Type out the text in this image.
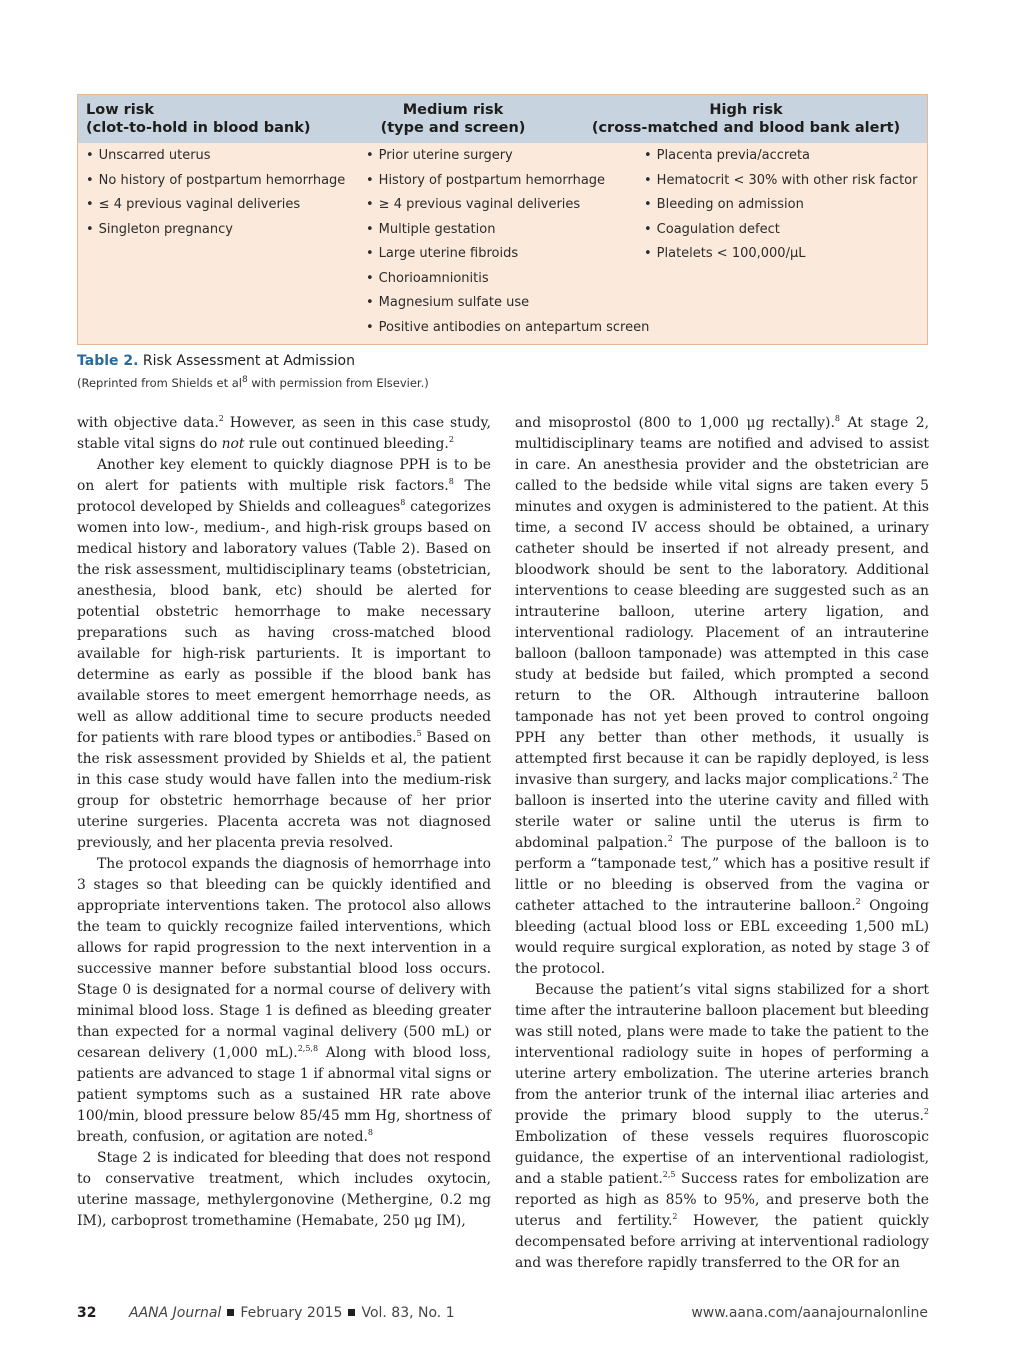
Low risk
(clot-to-hold in blood bank)
Medium risk
(type and screen)
High risk
(cross-matched and blood bank alert)
• Unscarred uterus
• No history of postpartum hemorrhage
• ≤ 4 previous vaginal deliveries
• Singleton pregnancy
• Prior uterine surgery
• History of postpartum hemorrhage
• ≥ 4 previous vaginal deliveries
• Multiple gestation
• Large uterine fibroids
• Chorioamnionitis
• Magnesium sulfate use
• Positive antibodies on antepartum screen
• Placenta previa/accreta
• Hematocrit < 30% with other risk factor
• Bleeding on admission
• Coagulation defect
• Platelets < 100,000/μL
Table 2. Risk Assessment at Admission
(Reprinted from Shields et $al^8$ with permission from Elsevier.)

with objective data.$^2$ However, as seen in this case study, stable vital signs do not rule out continued bleeding.$^2$

Another key element to quickly diagnose PPH is to be on alert for patients with multiple risk factors.$^8$ The protocol developed by Shields and colleagues$^8$ categorizes women into low-, medium-, and high-risk groups based on medical history and laboratory values (Table 2). Based on the risk assessment, multidisciplinary teams (obstetrician, anesthesia, blood bank, etc) should be alerted for potential obstetric hemorrhage to make necessary preparations such as having cross-matched blood available for high-risk parturients. It is important to determine as early as possible if the blood bank has available stores to meet emergent hemorrhage needs, as well as allow additional time to secure products needed for patients with rare blood types or antibodies.$^5$ Based on the risk assessment provided by Shields et al, the patient in this case study would have fallen into the medium-risk group for obstetric hemorrhage because of her prior uterine surgeries. Placenta accreta was not diagnosed previously, and her placenta previa resolved.

The protocol expands the diagnosis of hemorrhage into 3 stages so that bleeding can be quickly identified and appropriate interventions taken. The protocol also allows the team to quickly recognize failed interventions, which allows for rapid progression to the next intervention in a successive manner before substantial blood loss occurs. Stage 0 is designated for a normal course of delivery with minimal blood loss. Stage 1 is defined as bleeding greater than expected for a normal vaginal delivery (500 mL) or cesarean delivery (1,000 mL).$^{2,5,8}$ Along with blood loss, patients are advanced to stage 1 if abnormal vital signs or patient symptoms such as a sustained HR rate above 100/min, blood pressure below 85/45 mm Hg, shortness of breath, confusion, or agitation are noted.$^8$

Stage 2 is indicated for bleeding that does not respond to conservative treatment, which includes oxytocin, uterine massage, methylergonovine (Methergine, 0.2 mg IM), carboprost tromethamine (Hemabate, 250 μg IM),

and misoprostol (800 to 1,000 μg rectally).$^8$ At stage 2, multidisciplinary teams are notified and advised to assist in care. An anesthesia provider and the obstetrician are called to the bedside while vital signs are taken every 5 minutes and oxygen is administered to the patient. At this time, a second IV access should be obtained, a urinary catheter should be inserted if not already present, and bloodwork should be sent to the laboratory. Additional interventions to cease bleeding are suggested such as an intrauterine balloon, uterine artery ligation, and interventional radiology. Placement of an intrauterine balloon (balloon tamponade) was attempted in this case study at bedside but failed, which prompted a second return to the OR. Although intrauterine balloon tamponade has not yet been proved to control ongoing PPH any better than other methods, it usually is attempted first because it can be rapidly deployed, is less invasive than surgery, and lacks major complications.$^2$ The balloon is inserted into the uterine cavity and filled with sterile water or saline until the uterus is firm to abdominal palpation.$^2$ The purpose of the balloon is to perform a “tamponade test,” which has a positive result if little or no bleeding is observed from the vagina or catheter attached to the intrauterine balloon.$^2$ Ongoing bleeding (actual blood loss or EBL exceeding 1,500 mL) would require surgical exploration, as noted by stage 3 of the protocol.

Because the patient’s vital signs stabilized for a short time after the intrauterine balloon placement but bleeding was still noted, plans were made to take the patient to the interventional radiology suite in hopes of performing a uterine artery embolization. The uterine arteries branch from the anterior trunk of the internal iliac arteries and provide the primary blood supply to the uterus.$^2$ Embolization of these vessels requires fluoroscopic guidance, the expertise of an interventional radiologist, and a stable patient.$^{2,5}$ Success rates for embolization are reported as high as 85% to 95%, and preserve both the uterus and fertility.$^2$ However, the patient quickly decompensated before arriving at interventional radiology and was therefore rapidly transferred to the OR for an

32 AANA Journal February 2015 Vol. 83, No. 1	www.aana.com/aanajournalonline
